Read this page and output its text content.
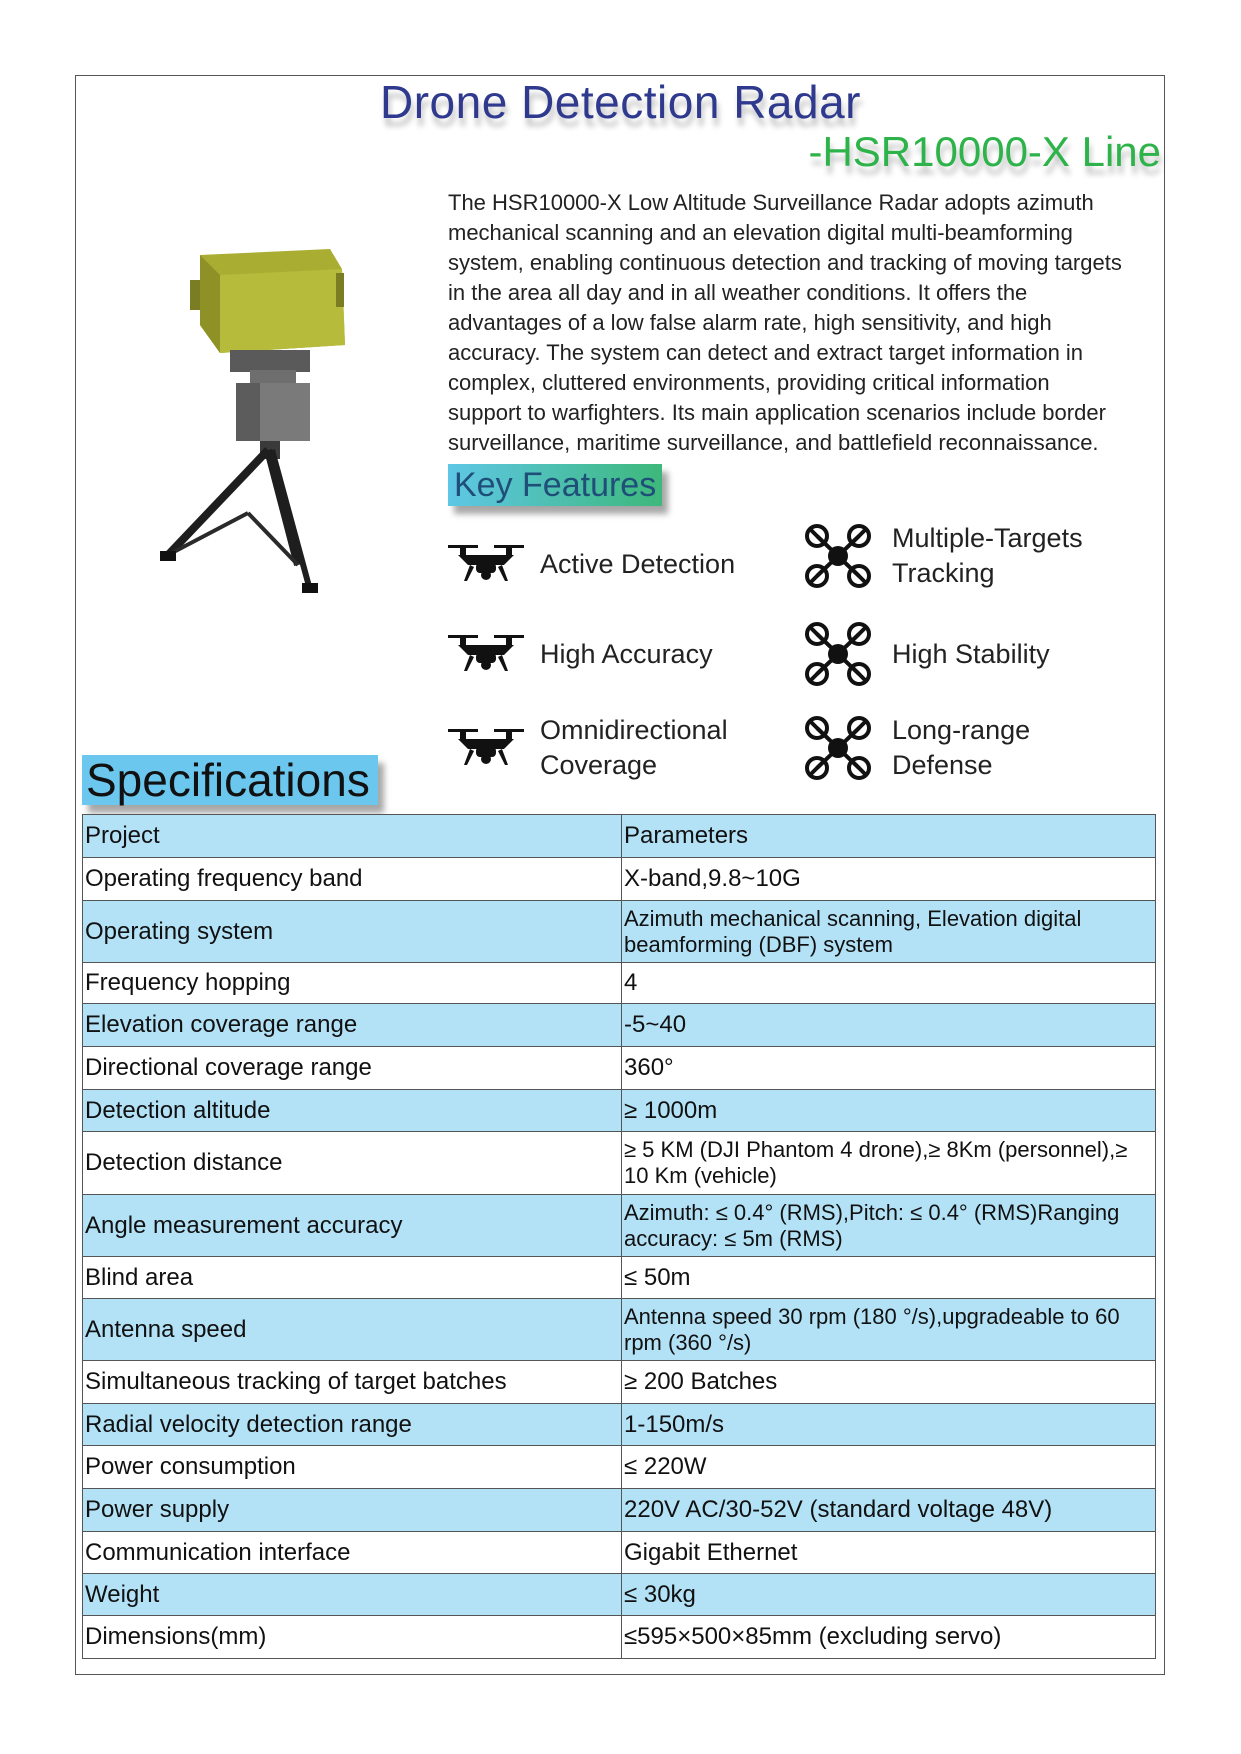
Drone Detection Radar
-HSR10000-X Line
The HSR10000-X Low Altitude Surveillance Radar adopts azimuth mechanical scanning and an elevation digital multi-beamforming system, enabling continuous detection and tracking of moving targets in the area all day and in all weather conditions. It offers the advantages of a low false alarm rate, high sensitivity, and high accuracy. The system can detect and extract target information in complex, cluttered environments, providing critical information support to warfighters. Its main application scenarios include border surveillance, maritime surveillance, and battlefield reconnaissance.
Key Features
Active Detection
High Accuracy
Omnidirectional Coverage
Multiple-Targets Tracking
High Stability
Long-range Defense
Specifications
Project	Parameters
Operating frequency band	X-band,9.8~10G
Operating system	Azimuth mechanical scanning, Elevation digital beamforming (DBF) system
Frequency hopping	4
Elevation coverage range	-5~40
Directional coverage range	360°
Detection altitude	≥ 1000m
Detection distance	≥ 5 KM (DJI Phantom 4 drone),≥ 8Km (personnel),≥ 10 Km (vehicle)
Angle measurement accuracy	Azimuth: ≤ 0.4° (RMS),Pitch: ≤ 0.4° (RMS)Ranging accuracy: ≤ 5m (RMS)
Blind area	≤ 50m
Antenna speed	Antenna speed 30 rpm (180 °/s),upgradeable to 60 rpm (360 °/s)
Simultaneous tracking of target batches	≥ 200 Batches
Radial velocity detection range	1-150m/s
Power consumption	≤ 220W
Power supply	220V AC/30-52V (standard voltage 48V)
Communication interface	Gigabit Ethernet
Weight	≤ 30kg
Dimensions(mm)	≤595×500×85mm (excluding servo)
